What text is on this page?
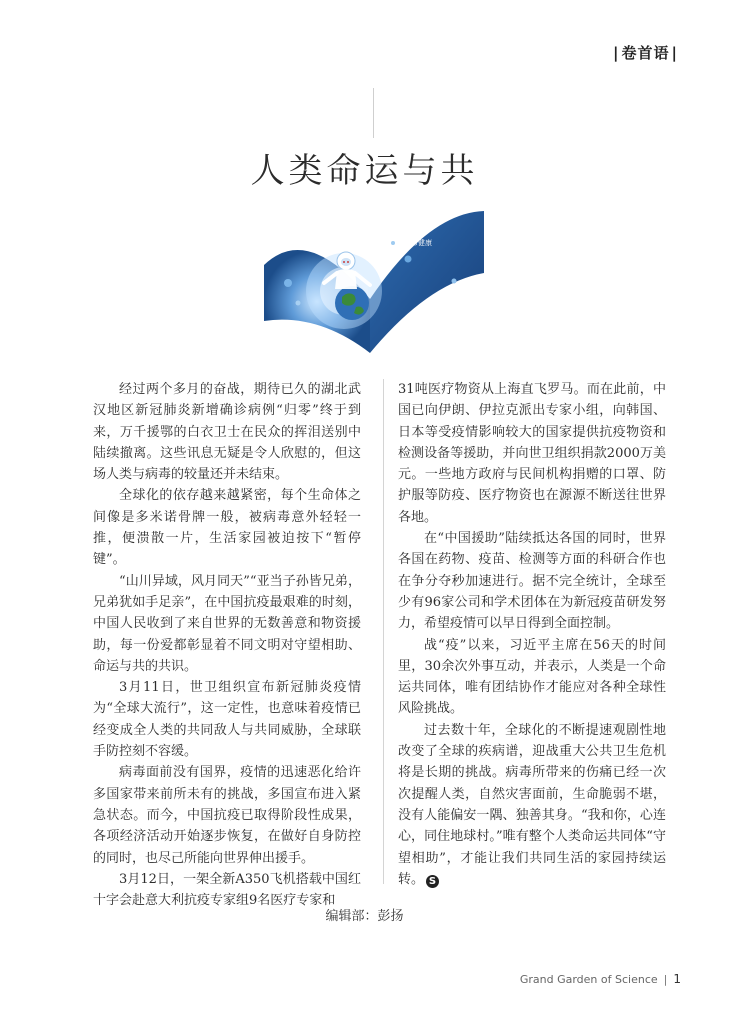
| 卷首语 |
人类命运与共
生命健康

经过两个多月的奋战，期待已久的湖北武汉地区新冠肺炎新增确诊病例“归零”终于到来，万千援鄂的白衣卫士在民众的挥泪送别中陆续撤离。这些讯息无疑是令人欣慰的，但这场人类与病毒的较量还并未结束。

全球化的依存越来越紧密，每个生命体之间像是多米诺骨牌一般，被病毒意外轻轻一推，便溃散一片，生活家园被迫按下“暂停键”。

“山川异域，风月同天”“亚当子孙皆兄弟，兄弟犹如手足亲”，在中国抗疫最艰难的时刻，中国人民收到了来自世界的无数善意和物资援助，每一份爱都彰显着不同文明对守望相助、命运与共的共识。

3月11日，世卫组织宣布新冠肺炎疫情为“全球大流行”，这一定性，也意味着疫情已经变成全人类的共同敌人与共同威胁，全球联手防控刻不容缓。

病毒面前没有国界，疫情的迅速恶化给许多国家带来前所未有的挑战，多国宣布进入紧急状态。而今，中国抗疫已取得阶段性成果，各项经济活动开始逐步恢复，在做好自身防控的同时，也尽己所能向世界伸出援手。

3月12日，一架全新A350飞机搭载中国红十字会赴意大利抗疫专家组9名医疗专家和

31吨医疗物资从上海直飞罗马。而在此前，中国已向伊朗、伊拉克派出专家小组，向韩国、日本等受疫情影响较大的国家提供抗疫物资和检测设备等援助，并向世卫组织捐款2000万美元。一些地方政府与民间机构捐赠的口罩、防护服等防疫、医疗物资也在源源不断送往世界各地。

在“中国援助”陆续抵达各国的同时，世界各国在药物、疫苗、检测等方面的科研合作也在争分夺秒加速进行。据不完全统计，全球至少有96家公司和学术团体在为新冠疫苗研发努力，希望疫情可以早日得到全面控制。

战“疫”以来，习近平主席在56天的时间里，30余次外事互动，并表示，人类是一个命运共同体，唯有团结协作才能应对各种全球性风险挑战。

过去数十年，全球化的不断提速观剧性地改变了全球的疾病谱，迎战重大公共卫生危机将是长期的挑战。病毒所带来的伤痛已经一次次提醒人类，自然灾害面前，生命脆弱不堪，没有人能偏安一隅、独善其身。“我和你，心连心，同住地球村。”唯有整个人类命运共同体“守望相助”，才能让我们共同生活的家园持续运转。 S

编辑部：彭扬
Grand Garden of Science | 1
